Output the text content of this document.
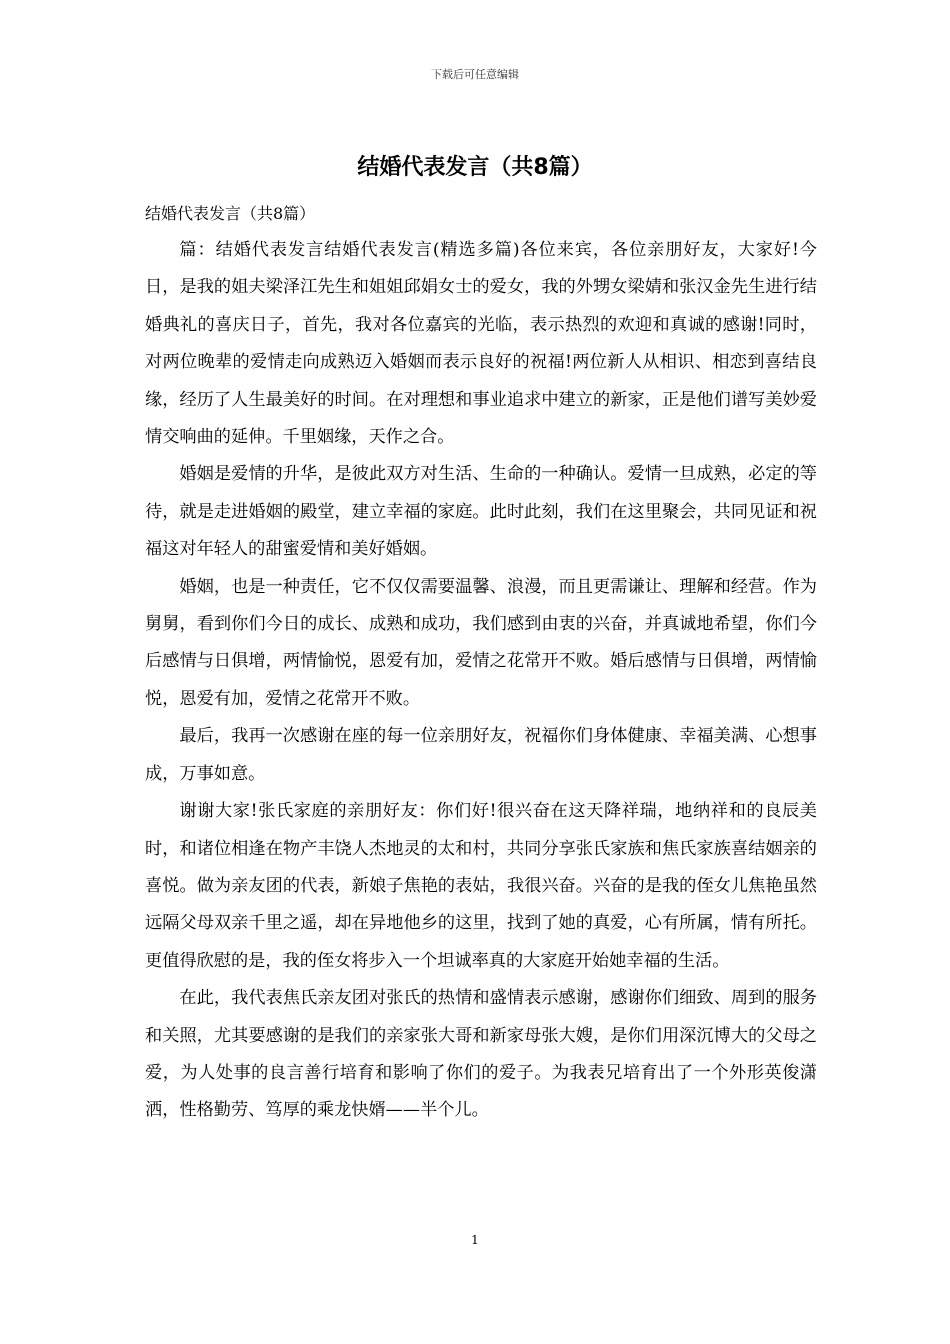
下载后可任意编辑
结婚代表发言（共8篇）
结婚代表发言（共8篇）

篇：结婚代表发言结婚代表发言(精选多篇)各位来宾，各位亲朋好友，大家好!今日，是我的姐夫梁泽江先生和姐姐邱娟女士的爱女，我的外甥女梁婧和张汉金先生进行结婚典礼的喜庆日子，首先，我对各位嘉宾的光临，表示热烈的欢迎和真诚的感谢!同时，对两位晚辈的爱情走向成熟迈入婚姻而表示良好的祝福!两位新人从相识、相恋到喜结良缘，经历了人生最美好的时间。在对理想和事业追求中建立的新家，正是他们谱写美妙爱情交响曲的延伸。千里姻缘，天作之合。

婚姻是爱情的升华，是彼此双方对生活、生命的一种确认。爱情一旦成熟，必定的等待，就是走进婚姻的殿堂，建立幸福的家庭。此时此刻，我们在这里聚会，共同见证和祝福这对年轻人的甜蜜爱情和美好婚姻。

婚姻，也是一种责任，它不仅仅需要温馨、浪漫，而且更需谦让、理解和经营。作为舅舅，看到你们今日的成长、成熟和成功，我们感到由衷的兴奋，并真诚地希望，你们今后感情与日俱增，两情愉悦，恩爱有加，爱情之花常开不败。婚后感情与日俱增，两情愉悦，恩爱有加，爱情之花常开不败。

最后，我再一次感谢在座的每一位亲朋好友，祝福你们身体健康、幸福美满、心想事成，万事如意。

谢谢大家!张氏家庭的亲朋好友：你们好!很兴奋在这天降祥瑞，地纳祥和的良辰美时，和诸位相逢在物产丰饶人杰地灵的太和村，共同分享张氏家族和焦氏家族喜结姻亲的喜悦。做为亲友团的代表，新娘子焦艳的表姑，我很兴奋。兴奋的是我的侄女儿焦艳虽然远隔父母双亲千里之遥，却在异地他乡的这里，找到了她的真爱，心有所属，情有所托。更值得欣慰的是，我的侄女将步入一个坦诚率真的大家庭开始她幸福的生活。

在此，我代表焦氏亲友团对张氏的热情和盛情表示感谢，感谢你们细致、周到的服务和关照，尤其要感谢的是我们的亲家张大哥和新家母张大嫂，是你们用深沉博大的父母之爱，为人处事的良言善行培育和影响了你们的爱子。为我表兄培育出了一个外形英俊潇洒，性格勤劳、笃厚的乘龙快婿——半个儿。

1
